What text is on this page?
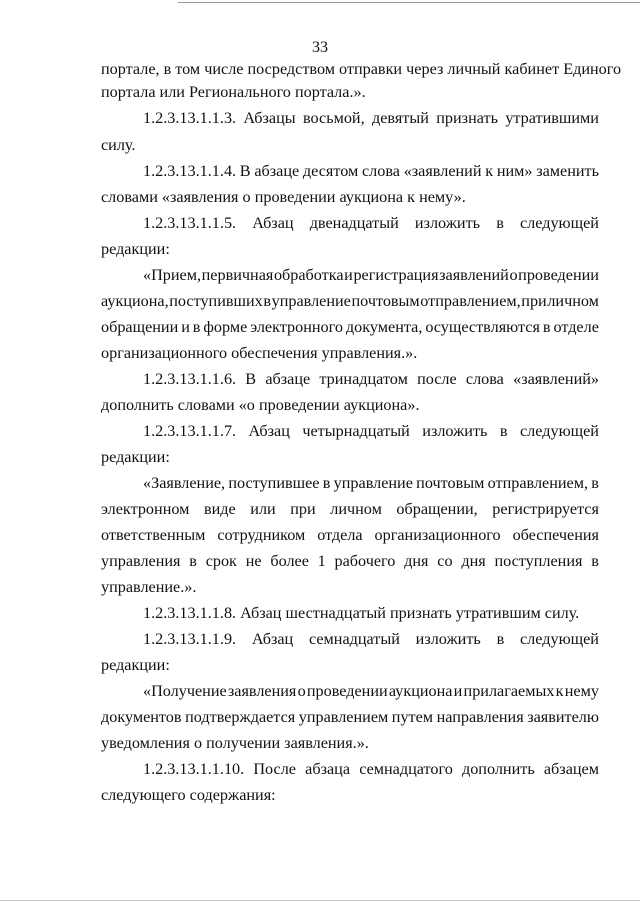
33
портале, в том числе посредством отправки через личный кабинет Единого
портала или Регионального портала.».
1.2.3.13.1.1.3. Абзацы восьмой, девятый признать утратившими
силу.
1.2.3.13.1.1.4. В абзаце десятом слова «заявлений к ним» заменить
словами «заявления о проведении аукциона к нему».
1.2.3.13.1.1.5. Абзац двенадцатый изложить в следующей
редакции:
«Прием, первичная обработка и регистрация заявлений о проведении
аукциона, поступивших в управление почтовым отправлением, при личном
обращении и в форме электронного документа, осуществляются в отделе
организационного обеспечения управления.».
1.2.3.13.1.1.6. В абзаце тринадцатом после слова «заявлений»
дополнить словами «о проведении аукциона».
1.2.3.13.1.1.7. Абзац четырнадцатый изложить в следующей
редакции:
«Заявление, поступившее в управление почтовым отправлением, в
электронном виде или при личном обращении, регистрируется
ответственным сотрудником отдела организационного обеспечения
управления в срок не более 1 рабочего дня со дня поступления в
управление.».
1.2.3.13.1.1.8. Абзац шестнадцатый признать утратившим силу.
1.2.3.13.1.1.9. Абзац семнадцатый изложить в следующей
редакции:
«Получение заявления о проведении аукциона и прилагаемых к нему
документов подтверждается управлением путем направления заявителю
уведомления о получении заявления.».
1.2.3.13.1.1.10. После абзаца семнадцатого дополнить абзацем
следующего содержания:
